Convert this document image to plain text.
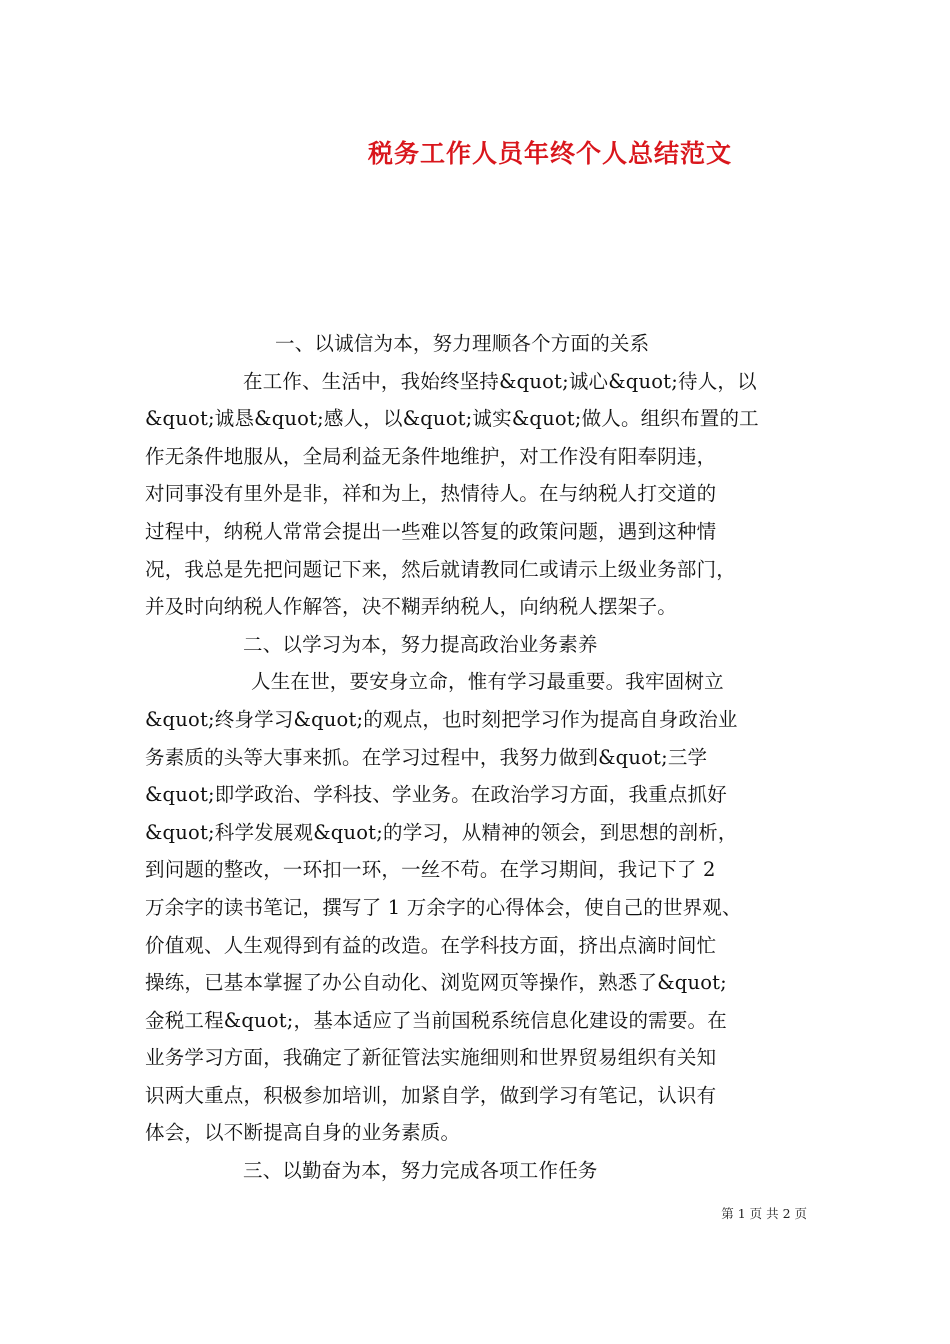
税务工作人员年终个人总结范文
一、以诚信为本，努力理顺各个方面的关系
在工作、生活中，我始终坚持&quot;诚心&quot;待人，以
&quot;诚恳&quot;感人，以&quot;诚实&quot;做人。组织布置的工
作无条件地服从，全局利益无条件地维护，对工作没有阳奉阴违，
对同事没有里外是非，祥和为上，热情待人。在与纳税人打交道的
过程中，纳税人常常会提出一些难以答复的政策问题，遇到这种情
况，我总是先把问题记下来，然后就请教同仁或请示上级业务部门，
并及时向纳税人作解答，决不糊弄纳税人，向纳税人摆架子。
二、以学习为本，努力提高政治业务素养
人生在世，要安身立命，惟有学习最重要。我牢固树立
&quot;终身学习&quot;的观点，也时刻把学习作为提高自身政治业
务素质的头等大事来抓。在学习过程中，我努力做到&quot;三学
&quot;即学政治、学科技、学业务。在政治学习方面，我重点抓好
&quot;科学发展观&quot;的学习，从精神的领会，到思想的剖析，
到问题的整改，一环扣一环，一丝不苟。在学习期间，我记下了 2
万余字的读书笔记，撰写了 1 万余字的心得体会，使自己的世界观、
价值观、人生观得到有益的改造。在学科技方面，挤出点滴时间忙
操练，已基本掌握了办公自动化、浏览网页等操作，熟悉了&quot;
金税工程&quot;，基本适应了当前国税系统信息化建设的需要。在
业务学习方面，我确定了新征管法实施细则和世界贸易组织有关知
识两大重点，积极参加培训，加紧自学，做到学习有笔记，认识有
体会，以不断提高自身的业务素质。
三、以勤奋为本，努力完成各项工作任务
第 1 页 共 2 页
